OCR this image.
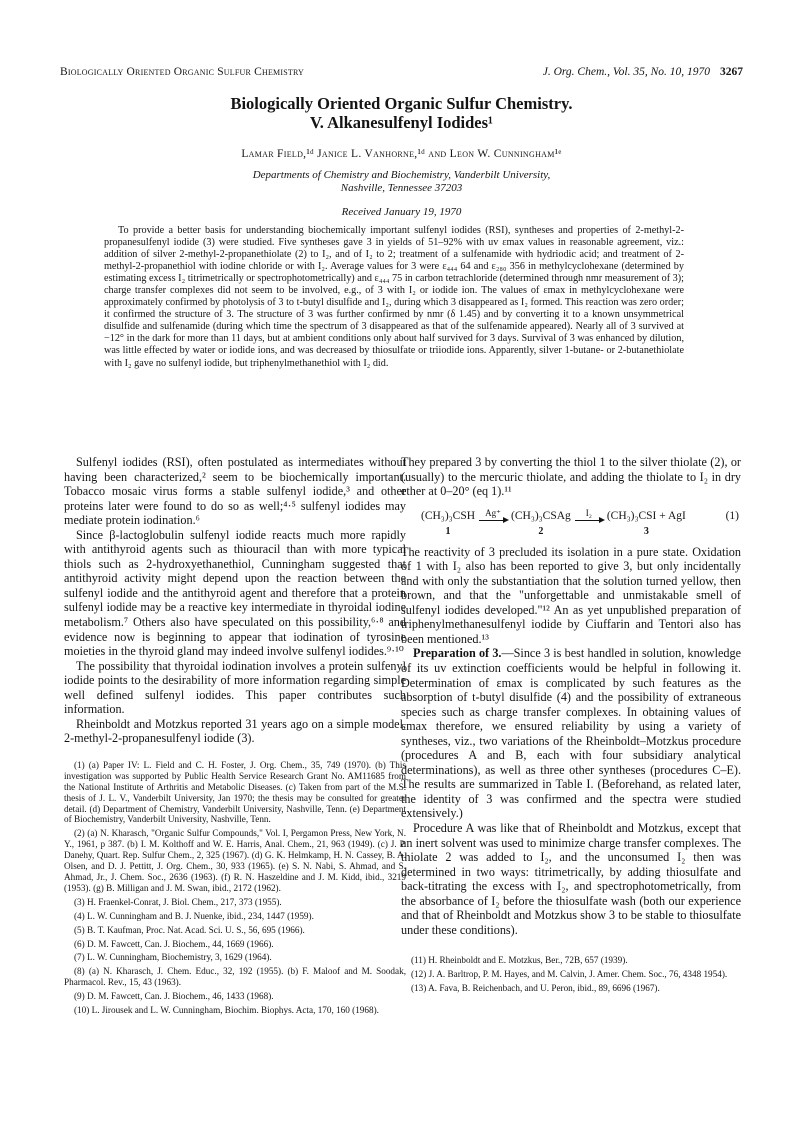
Biologically Oriented Organic Sulfur Chemistry	J. Org. Chem., Vol. 35, No. 10, 1970 3267
Biologically Oriented Organic Sulfur Chemistry.
V. Alkanesulfenyl Iodides¹
Lamar Field,¹ᵈ Janice L. Vanhorne,¹ᵈ and Leon W. Cunningham¹ᵉ
Departments of Chemistry and Biochemistry, Vanderbilt University,
Nashville, Tennessee 37203
Received January 19, 1970

To provide a better basis for understanding biochemically important sulfenyl iodides (RSI), syntheses and properties of 2-methyl-2-propanesulfenyl iodide (3) were studied. Five syntheses gave 3 in yields of 51–92% with uv εmax values in reasonable agreement, viz.: addition of silver 2-methyl-2-propanethiolate (2) to I₂, and of I₂ to 2; treatment of a sulfenamide with hydriodic acid; and treatment of 2-methyl-2-propanethiol with iodine chloride or with I₂. Average values for 3 were ε₄₄₄ 64 and ε₂₈₀ 356 in methylcyclohexane (determined by estimating excess I₂ titrimetrically or spectrophotometrically) and ε₄₄₄ 75 in carbon tetrachloride (determined through nmr measurement of 3); charge transfer complexes did not seem to be involved, e.g., of 3 with I₂ or iodide ion. The values of εmax in methylcyclohexane were approximately confirmed by photolysis of 3 to t-butyl disulfide and I₂, during which 3 disappeared as I₂ formed. This reaction was zero order; it confirmed the structure of 3. The structure of 3 was further confirmed by nmr (δ 1.45) and by converting it to a known unsymmetrical disulfide and sulfenamide (during which time the spectrum of 3 disappeared as that of the sulfenamide appeared). Nearly all of 3 survived at −12° in the dark for more than 11 days, but at ambient conditions only about half survived for 3 days. Survival of 3 was enhanced by dilution, was little effected by water or iodide ions, and was decreased by thiosulfate or triiodide ions. Apparently, silver 1-butane- or 2-butanethiolate with I₂ gave no sulfenyl iodide, but triphenylmethanethiol with I₂ did.

Sulfenyl iodides (RSI), often postulated as intermediates without having been characterized,² seem to be biochemically important. Tobacco mosaic virus forms a stable sulfenyl iodide,³ and other proteins later were found to do so as well;⁴·⁵ sulfenyl iodides may mediate protein iodination.⁶

Since β-lactoglobulin sulfenyl iodide reacts much more rapidly with antithyroid agents such as thiouracil than with more typical thiols such as 2-hydroxyethanethiol, Cunningham suggested that antithyroid activity might depend upon the reaction between the sulfenyl iodide and the antithyroid agent and therefore that a protein sulfenyl iodide may be a reactive key intermediate in thyroidal iodine metabolism.⁷ Others also have speculated on this possibility,⁶·⁸ and evidence now is beginning to appear that iodination of tyrosine moieties in the thyroid gland may indeed involve sulfenyl iodides.⁹·¹⁰

The possibility that thyroidal iodination involves a protein sulfenyl iodide points to the desirability of more information regarding simple well defined sulfenyl iodides. This paper contributes such information.

Rheinboldt and Motzkus reported 31 years ago on a simple model, 2-methyl-2-propanesulfenyl iodide (3).

(1) (a) Paper IV: L. Field and C. H. Foster, J. Org. Chem., 35, 749 (1970). (b) This investigation was supported by Public Health Service Research Grant No. AM11685 from the National Institute of Arthritis and Metabolic Diseases. (c) Taken from part of the M.S. thesis of J. L. V., Vanderbilt University, Jan 1970; the thesis may be consulted for greater detail. (d) Department of Chemistry, Vanderbilt University, Nashville, Tenn. (e) Department of Biochemistry, Vanderbilt University, Nashville, Tenn.

(2) (a) N. Kharasch, "Organic Sulfur Compounds," Vol. I, Pergamon Press, New York, N. Y., 1961, p 387. (b) I. M. Kolthoff and W. E. Harris, Anal. Chem., 21, 963 (1949). (c) J. P. Danehy, Quart. Rep. Sulfur Chem., 2, 325 (1967). (d) G. K. Helmkamp, H. N. Cassey, B. A. Olsen, and D. J. Pettitt, J. Org. Chem., 30, 933 (1965). (e) S. N. Nabi, S. Ahmad, and S. Ahmad, Jr., J. Chem. Soc., 2636 (1963). (f) R. N. Haszeldine and J. M. Kidd, ibid., 3219 (1953). (g) B. Milligan and J. M. Swan, ibid., 2172 (1962).

(3) H. Fraenkel-Conrat, J. Biol. Chem., 217, 373 (1955).

(4) L. W. Cunningham and B. J. Nuenke, ibid., 234, 1447 (1959).

(5) B. T. Kaufman, Proc. Nat. Acad. Sci. U. S., 56, 695 (1966).

(6) D. M. Fawcett, Can. J. Biochem., 44, 1669 (1966).

(7) L. W. Cunningham, Biochemistry, 3, 1629 (1964).

(8) (a) N. Kharasch, J. Chem. Educ., 32, 192 (1955). (b) F. Maloof and M. Soodak, Pharmacol. Rev., 15, 43 (1963).

(9) D. M. Fawcett, Can. J. Biochem., 46, 1433 (1968).

(10) L. Jirousek and L. W. Cunningham, Biochim. Biophys. Acta, 170, 160 (1968).

They prepared 3 by converting the thiol 1 to the silver thiolate (2), or (usually) to the mercuric thiolate, and adding the thiolate to I₂ in dry ether at 0–20° (eq 1).¹¹

(CH₃)₃CSH
1
Ag⁺ (CH₃)₃CSAg
2
I₂ (CH₃)₃CSI + AgI
3
(1)

The reactivity of 3 precluded its isolation in a pure state. Oxidation of 1 with I₂ also has been reported to give 3, but only incidentally and with only the substantiation that the solution turned yellow, then brown, and that the "unforgettable and unmistakable smell of sulfenyl iodides developed."¹² An as yet unpublished preparation of triphenylmethanesulfenyl iodide by Ciuffarin and Tentori also has been mentioned.¹³

Preparation of 3.—Since 3 is best handled in solution, knowledge of its uv extinction coefficients would be helpful in following it. Determination of εmax is complicated by such features as the absorption of t-butyl disulfide (4) and the possibility of extraneous species such as charge transfer complexes. In obtaining values of εmax therefore, we ensured reliability by using a variety of syntheses, viz., two variations of the Rheinboldt–Motzkus procedure (procedures A and B, each with four subsidiary analytical determinations), as well as three other syntheses (procedures C–E). The results are summarized in Table I. (Beforehand, as related later, the identity of 3 was confirmed and the spectra were studied extensively.)

Procedure A was like that of Rheinboldt and Motzkus, except that an inert solvent was used to minimize charge transfer complexes. The thiolate 2 was added to I₂, and the unconsumed I₂ then was determined in two ways: titrimetrically, by adding thiosulfate and back-titrating the excess with I₂, and spectrophotometrically, from the absorbance of I₂ before the thiosulfate wash (both our experience and that of Rheinboldt and Motzkus show 3 to be stable to thiosulfate under these conditions).

(11) H. Rheinboldt and E. Motzkus, Ber., 72B, 657 (1939).

(12) J. A. Barltrop, P. M. Hayes, and M. Calvin, J. Amer. Chem. Soc., 76, 4348 1954).

(13) A. Fava, B. Reichenbach, and U. Peron, ibid., 89, 6696 (1967).
